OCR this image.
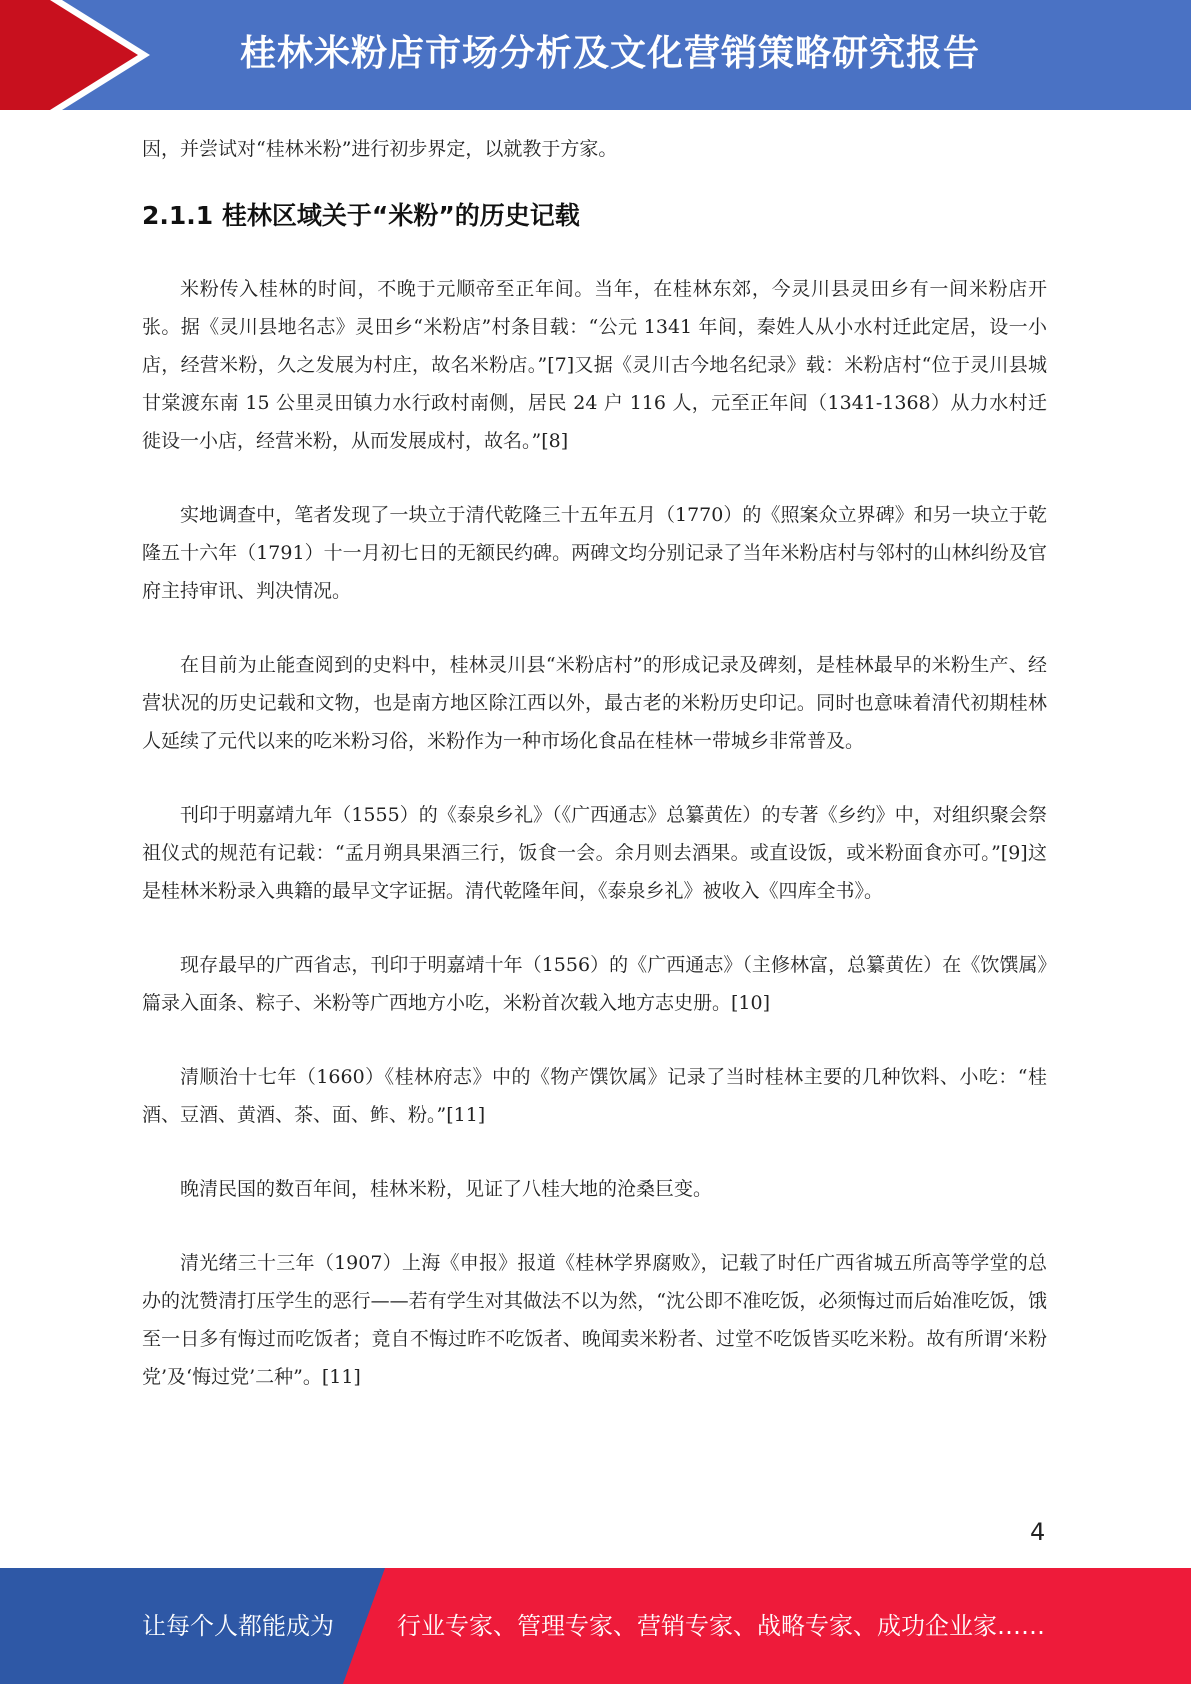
桂林米粉店市场分析及文化营销策略研究报告

因，并尝试对“桂林米粉”进行初步界定，以就教于方家。

2.1.1 桂林区域关于“米粉”的历史记载

米粉传入桂林的时间，不晚于元顺帝至正年间。当年，在桂林东郊，今灵川县灵田乡有一间米粉店开张。据《灵川县地名志》灵田乡“米粉店”村条目载：“公元 1341 年间，秦姓人从小水村迁此定居，设一小店，经营米粉，久之发展为村庄，故名米粉店。”[7]又据《灵川古今地名纪录》载：米粉店村“位于灵川县城甘棠渡东南 15 公里灵田镇力水行政村南侧，居民 24 户 116 人，元至正年间（1341-1368）从力水村迁徙设一小店，经营米粉，从而发展成村，故名。”[8]

实地调查中，笔者发现了一块立于清代乾隆三十五年五月（1770）的《照案众立界碑》和另一块立于乾隆五十六年（1791）十一月初七日的无额民约碑。两碑文均分别记录了当年米粉店村与邻村的山林纠纷及官府主持审讯、判决情况。

在目前为止能查阅到的史料中，桂林灵川县“米粉店村”的形成记录及碑刻，是桂林最早的米粉生产、经营状况的历史记载和文物，也是南方地区除江西以外，最古老的米粉历史印记。同时也意味着清代初期桂林人延续了元代以来的吃米粉习俗，米粉作为一种市场化食品在桂林一带城乡非常普及。

刊印于明嘉靖九年（1555）的《泰泉乡礼》（《广西通志》总纂黄佐）的专著《乡约》中，对组织聚会祭祖仪式的规范有记载：“孟月朔具果酒三行，饭食一会。余月则去酒果。或直设饭，或米粉面食亦可。”[9]这是桂林米粉录入典籍的最早文字证据。清代乾隆年间，《泰泉乡礼》被收入《四库全书》。

现存最早的广西省志，刊印于明嘉靖十年（1556）的《广西通志》（主修林富，总纂黄佐）在《饮馔属》篇录入面条、粽子、米粉等广西地方小吃，米粉首次载入地方志史册。[10]

清顺治十七年（1660）《桂林府志》中的《物产馔饮属》记录了当时桂林主要的几种饮料、小吃：“桂酒、豆酒、黄酒、茶、面、鲊、粉。”[11]

晚清民国的数百年间，桂林米粉，见证了八桂大地的沧桑巨变。

清光绪三十三年（1907）上海《申报》报道《桂林学界腐败》，记载了时任广西省城五所高等学堂的总办的沈赞清打压学生的恶行——若有学生对其做法不以为然，“沈公即不准吃饭，必须悔过而后始准吃饭，饿至一日多有悔过而吃饭者；竟自不悔过昨不吃饭者、晚闻卖米粉者、过堂不吃饭皆买吃米粉。故有所谓‘米粉党’及‘悔过党’二种”。[11]

4
让每个人都能成为	行业专家、管理专家、营销专家、战略专家、成功企业家……
